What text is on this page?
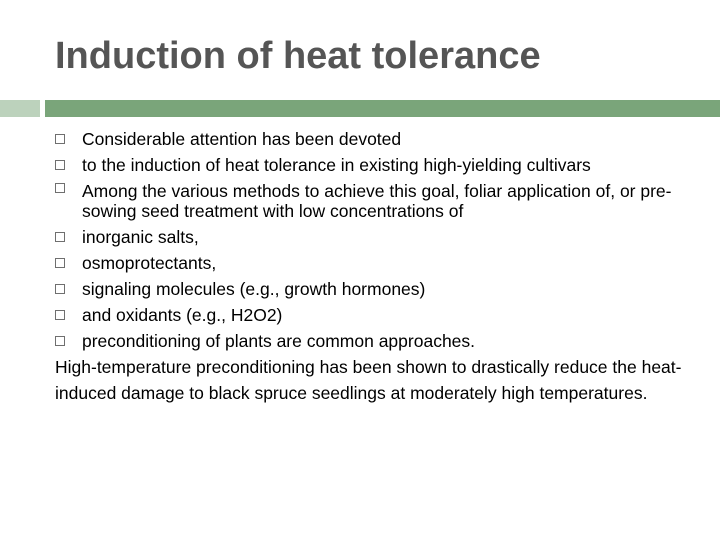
Induction of heat tolerance
Considerable attention has been devoted
to the induction of heat tolerance in existing high-yielding cultivars
Among the various methods to achieve this goal, foliar application of, or pre-sowing seed treatment with low concentrations of
inorganic salts,
osmoprotectants,
signaling molecules (e.g., growth hormones)
and oxidants (e.g., H2O2)
preconditioning of plants are common approaches.
High-temperature preconditioning has been shown to drastically reduce the heat-induced damage to black spruce seedlings at moderately high temperatures.
